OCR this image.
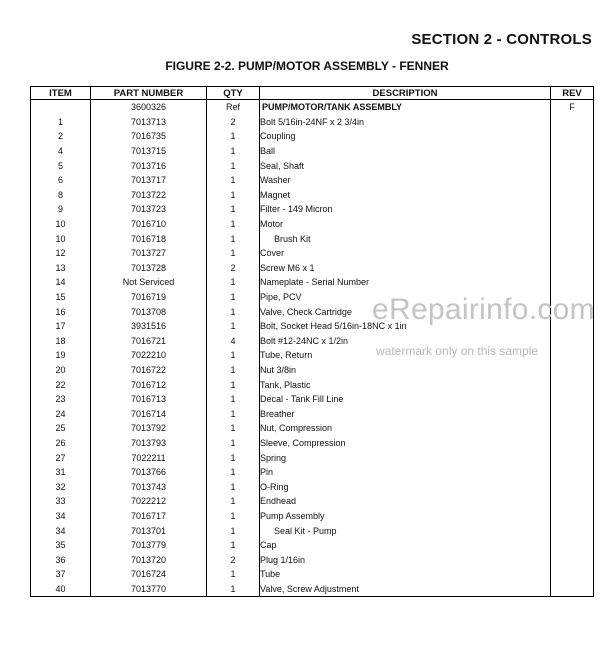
SECTION 2 - CONTROLS
FIGURE 2-2. PUMP/MOTOR ASSEMBLY - FENNER
ITEM	PART NUMBER	QTY	DESCRIPTION	REV
	3600326	Ref	PUMP/MOTOR/TANK ASSEMBLY	F
1	7013713	2	Bolt 5/16in-24NF x 2 3/4in	
2	7016735	1	Coupling	
4	7013715	1	Ball	
5	7013716	1	Seal, Shaft	
6	7013717	1	Washer	
8	7013722	1	Magnet	
9	7013723	1	Filter - 149 Micron	
10	7016710	1	Motor	
10	7016718	1	Brush Kit	
12	7013727	1	Cover	
13	7013728	2	Screw M6 x 1	
14	Not Serviced	1	Nameplate - Serial Number	
15	7016719	1	Pipe, PCV	
16	7013708	1	Valve, Check Cartridge	
17	3931516	1	Bolt, Socket Head 5/16in-18NC x 1in	
18	7016721	4	Bolt #12-24NC x 1/2in	
19	7022210	1	Tube, Return	
20	7016722	1	Nut 3/8in	
22	7016712	1	Tank, Plastic	
23	7016713	1	Decal - Tank Fill Line	
24	7016714	1	Breather	
25	7013792	1	Nut, Compression	
26	7013793	1	Sleeve, Compression	
27	7022211	1	Spring	
31	7013766	1	Pin	
32	7013743	1	O-Ring	
33	7022212	1	Endhead	
34	7016717	1	Pump Assembly	
34	7013701	1	Seal Kit - Pump	
35	7013779	1	Cap	
36	7013720	2	Plug 1/16in	
37	7016724	1	Tube	
40	7013770	1	Valve, Screw Adjustment	
eRepairinfo.com
watermark only on this sample
